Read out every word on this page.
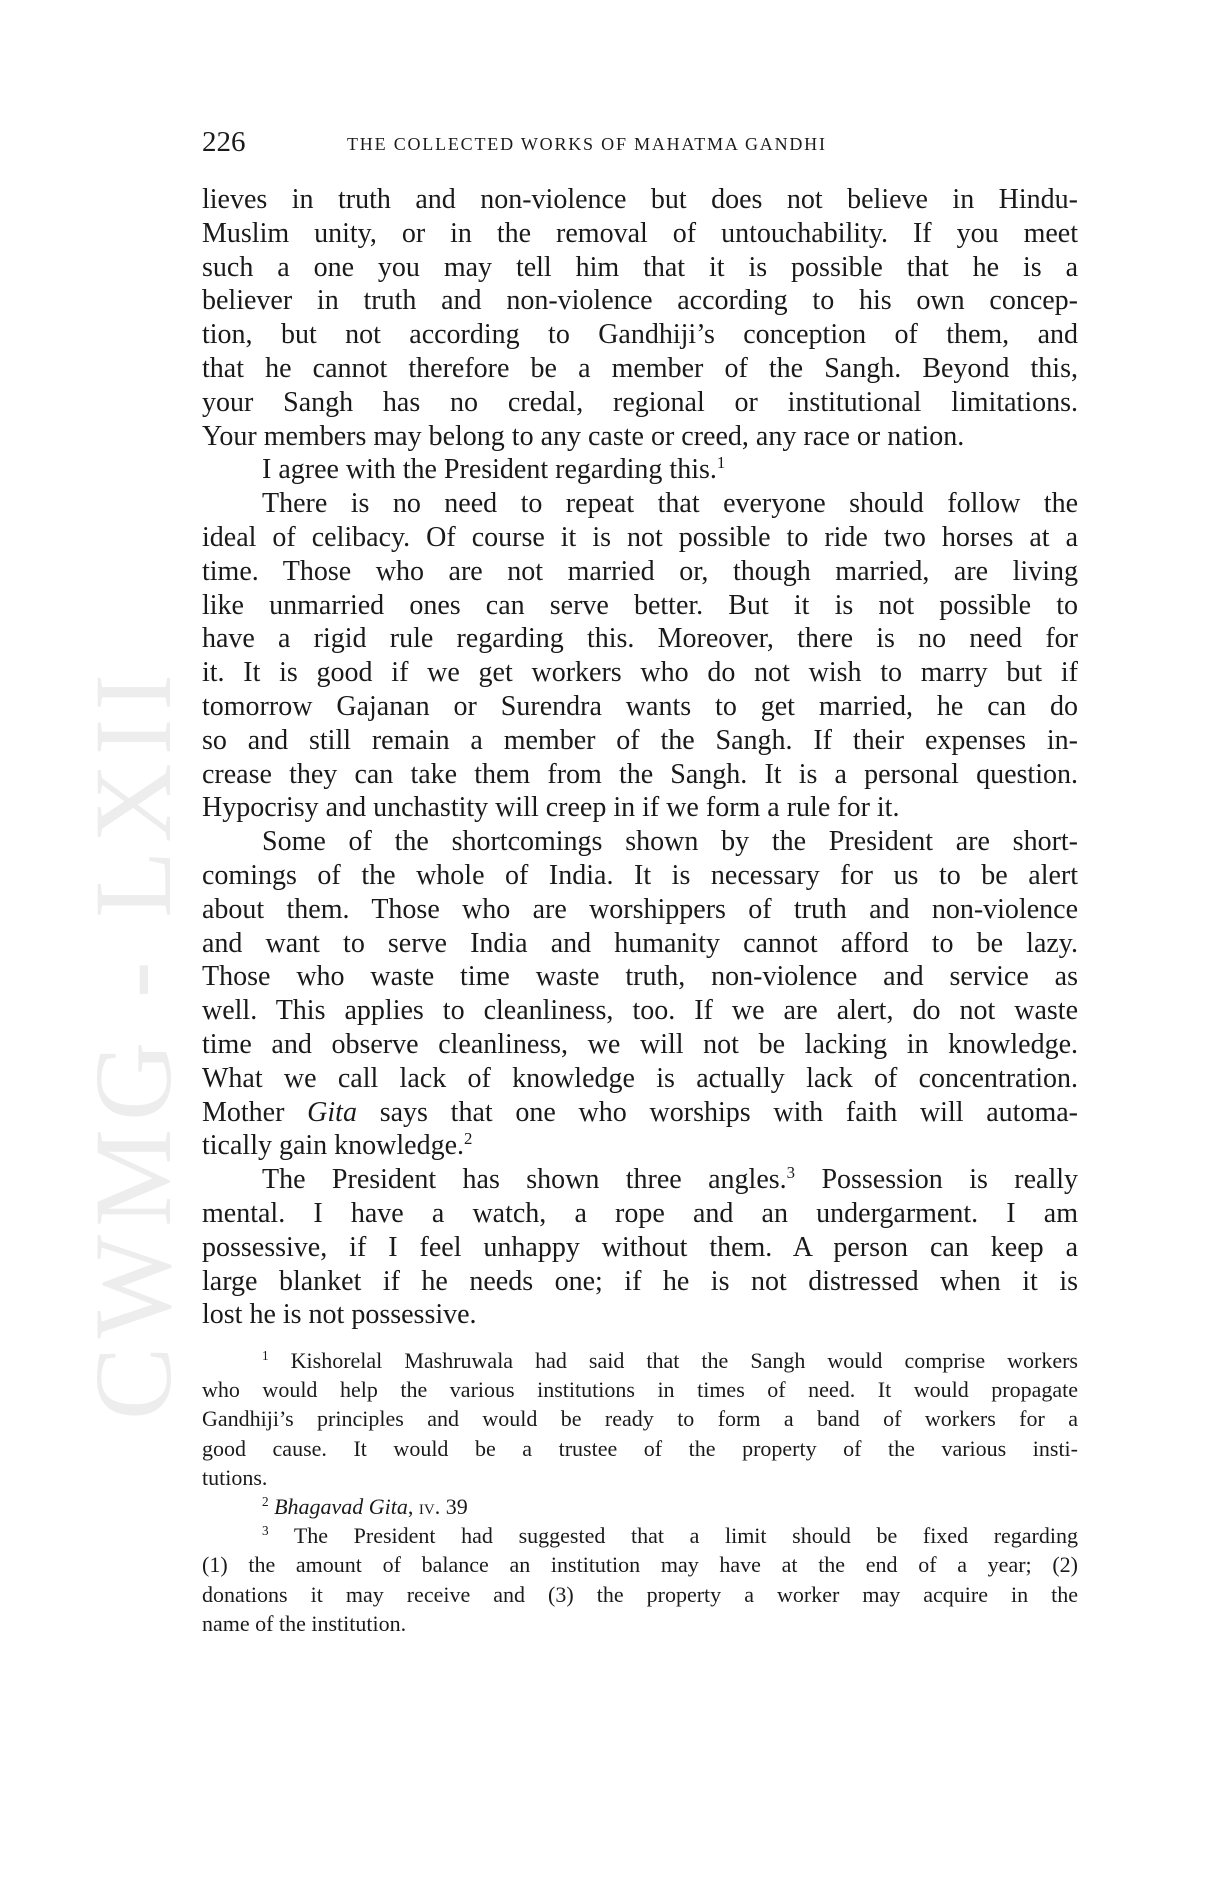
CWMG - LXII
226	THE COLLECTED WORKS OF MAHATMA GANDHI
lieves in truth and non-violence but does not believe in Hindu-
Muslim unity, or in the removal of untouchability. If you meet
such a one you may tell him that it is possible that he is a
believer in truth and non-violence according to his own concep-
tion, but not according to Gandhiji’s conception of them, and
that he cannot therefore be a member of the Sangh. Beyond this,
your Sangh has no credal, regional or institutional limitations.
Your members may belong to any caste or creed, any race or nation.
I agree with the President regarding this.$^1$
There is no need to repeat that everyone should follow the
ideal of celibacy. Of course it is not possible to ride two horses at a
time. Those who are not married or, though married, are living
like unmarried ones can serve better. But it is not possible to
have a rigid rule regarding this. Moreover, there is no need for
it. It is good if we get workers who do not wish to marry but if
tomorrow Gajanan or Surendra wants to get married, he can do
so and still remain a member of the Sangh. If their expenses in-
crease they can take them from the Sangh. It is a personal question.
Hypocrisy and unchastity will creep in if we form a rule for it.
Some of the shortcomings shown by the President are short-
comings of the whole of India. It is necessary for us to be alert
about them. Those who are worshippers of truth and non-violence
and want to serve India and humanity cannot afford to be lazy.
Those who waste time waste truth, non-violence and service as
well. This applies to cleanliness, too. If we are alert, do not waste
time and observe cleanliness, we will not be lacking in knowledge.
What we call lack of knowledge is actually lack of concentration.
Mother Gita says that one who worships with faith will automa-
tically gain knowledge.$^2$
The President has shown three angles.$^3$ Possession is really
mental. I have a watch, a rope and an undergarment. I am
possessive, if I feel unhappy without them. A person can keep a
large blanket if he needs one; if he is not distressed when it is
lost he is not possessive.
$^1$ Kishorelal Mashruwala had said that the Sangh would comprise workers
who would help the various institutions in times of need. It would propagate
Gandhiji’s principles and would be ready to form a band of workers for a
good cause. It would be a trustee of the property of the various insti-
tutions.
$^2$ Bhagavad Gita, iv. 39
$^3$ The President had suggested that a limit should be fixed regarding
(1) the amount of balance an institution may have at the end of a year; (2)
donations it may receive and (3) the property a worker may acquire in the
name of the institution.
